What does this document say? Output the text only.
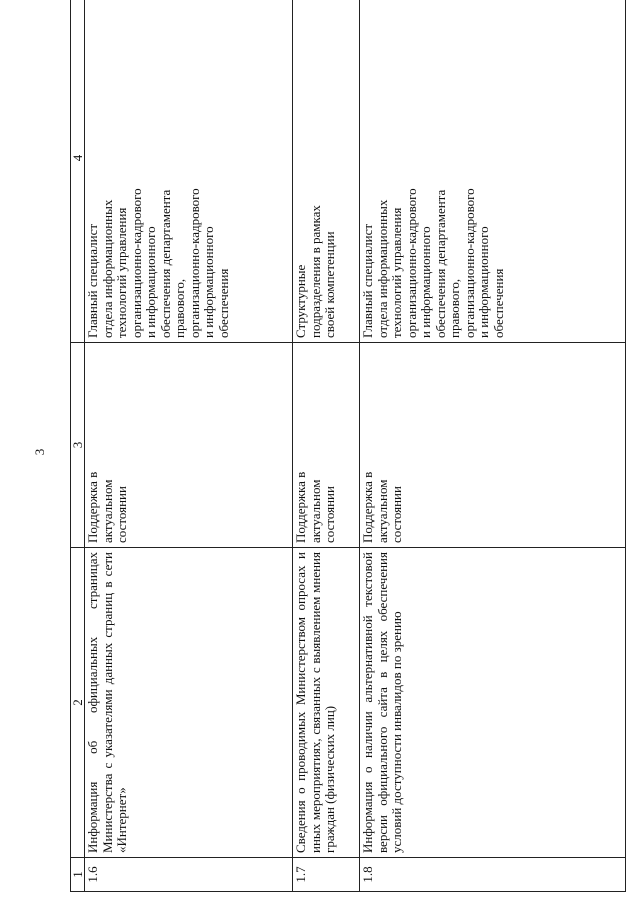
3
1	2	3	4
1.6	Информация об официальных страницах Министерства с указателями данных страниц в сети «Интернет»	Поддержка в актуальном состоянии	Главный специалист отдела информационных технологий управления организационно-кадрового и информационного обеспечения департамента правового, организационно-кадрового и информационного обеспечения

1.7	Сведения о проводимых Министерством опросах и иных мероприятиях, связанных с выявлением мнения граждан (физических лиц)	Поддержка в актуальном состоянии	Структурные подразделения в рамках своей компетенции

1.8	Информация о наличии альтернативной текстовой версии официального сайта в целях обеспечения условий доступности инвалидов по зрению	Поддержка в актуальном состоянии	Главный специалист отдела информационных технологий управления организационно-кадрового и информационного обеспечения департамента правового, организационно-кадрового и информационного обеспечения
